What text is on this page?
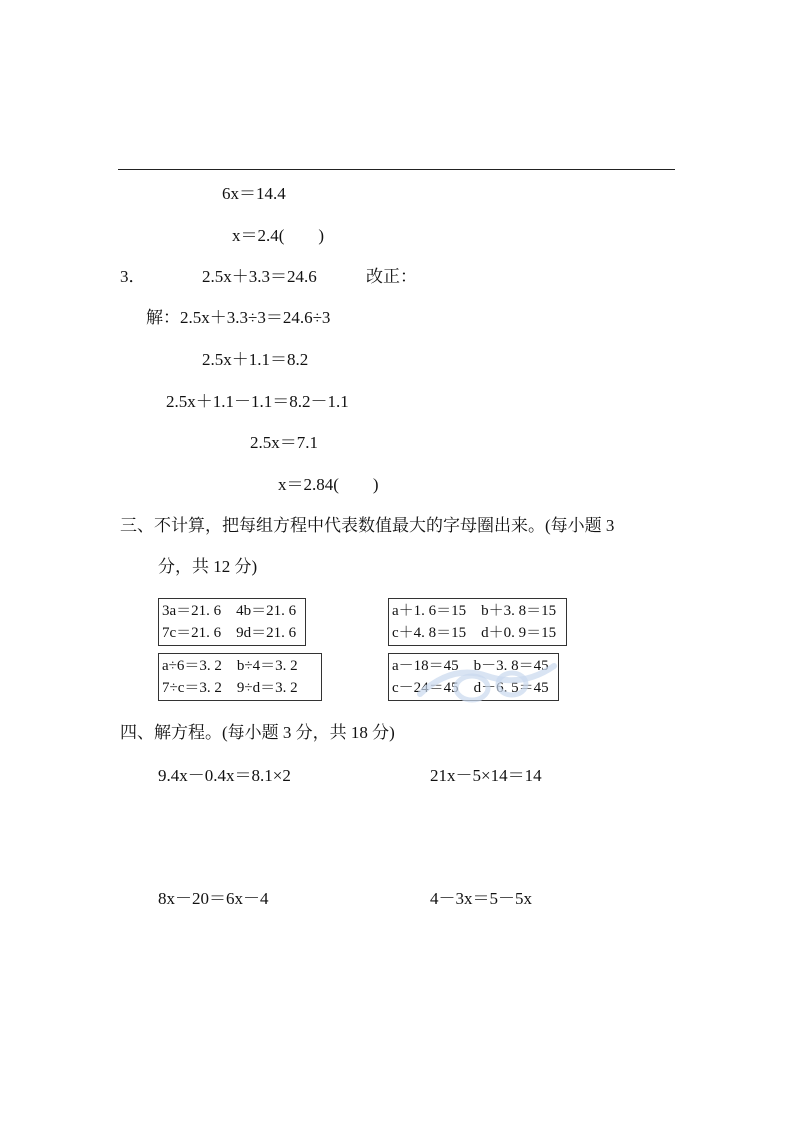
6x＝14.4
x＝2.4(　　)
3．	2.5x＋3.3＝24.6	改正：
解：2.5x＋3.3÷3＝24.6÷3
2.5x＋1.1＝8.2
2.5x＋1.1－1.1＝8.2－1.1
2.5x＝7.1
x＝2.84(　　)
三、不计算，把每组方程中代表数值最大的字母圈出来。(每小题 3
分，共 12 分)
3a＝21. 6　4b＝21. 6
7c＝21. 6　9d＝21. 6
a＋1. 6＝15　b＋3. 8＝15
c＋4. 8＝15　d＋0. 9＝15
a÷6＝3. 2　b÷4＝3. 2
7÷c＝3. 2　9÷d＝3. 2
a－18＝45　b－3. 8＝45
c－24＝45　d－6. 5＝45
四、解方程。(每小题 3 分，共 18 分)
9.4x－0.4x＝8.1×2	21x－5×14＝14
8x－20＝6x－4	4－3x＝5－5x
